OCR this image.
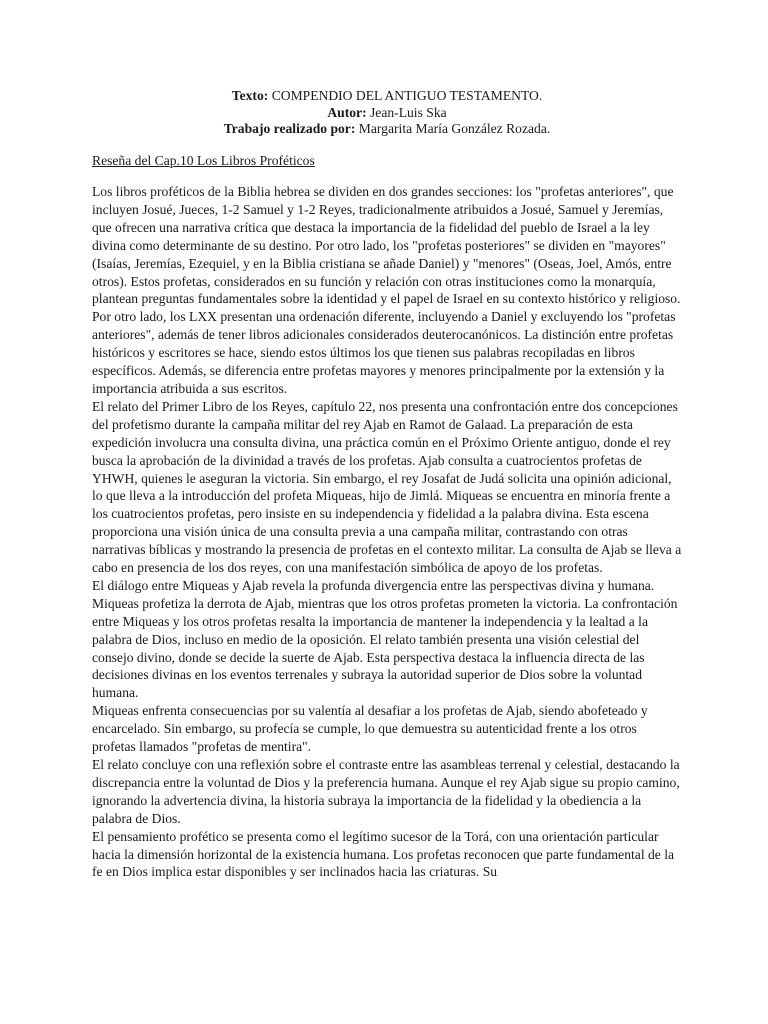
Texto: COMPENDIO DEL ANTIGUO TESTAMENTO.
Autor: Jean-Luis Ska
Trabajo realizado por: Margarita María González Rozada.
Reseña del Cap.10 Los Libros Proféticos

Los libros proféticos de la Biblia hebrea se dividen en dos grandes secciones: los "profetas anteriores", que incluyen Josué, Jueces, 1-2 Samuel y 1-2 Reyes, tradicionalmente atribuidos a Josué, Samuel y Jeremías, que ofrecen una narrativa crítica que destaca la importancia de la fidelidad del pueblo de Israel a la ley divina como determinante de su destino. Por otro lado, los "profetas posteriores" se dividen en "mayores" (Isaías, Jeremías, Ezequiel, y en la Biblia cristiana se añade Daniel) y "menores" (Oseas, Joel, Amós, entre otros). Estos profetas, considerados en su función y relación con otras instituciones como la monarquía, plantean preguntas fundamentales sobre la identidad y el papel de Israel en su contexto histórico y religioso.

Por otro lado, los LXX presentan una ordenación diferente, incluyendo a Daniel y excluyendo los "profetas anteriores", además de tener libros adicionales considerados deuterocanónicos. La distinción entre profetas históricos y escritores se hace, siendo estos últimos los que tienen sus palabras recopiladas en libros específicos. Además, se diferencia entre profetas mayores y menores principalmente por la extensión y la importancia atribuida a sus escritos.

El relato del Primer Libro de los Reyes, capítulo 22, nos presenta una confrontación entre dos concepciones del profetismo durante la campaña militar del rey Ajab en Ramot de Galaad. La preparación de esta expedición involucra una consulta divina, una práctica común en el Próximo Oriente antiguo, donde el rey busca la aprobación de la divinidad a través de los profetas. Ajab consulta a cuatrocientos profetas de YHWH, quienes le aseguran la victoria. Sin embargo, el rey Josafat de Judá solicita una opinión adicional, lo que lleva a la introducción del profeta Miqueas, hijo de Jimlá. Miqueas se encuentra en minoría frente a los cuatrocientos profetas, pero insiste en su independencia y fidelidad a la palabra divina. Esta escena proporciona una visión única de una consulta previa a una campaña militar, contrastando con otras narrativas bíblicas y mostrando la presencia de profetas en el contexto militar. La consulta de Ajab se lleva a cabo en presencia de los dos reyes, con una manifestación simbólica de apoyo de los profetas.

El diálogo entre Miqueas y Ajab revela la profunda divergencia entre las perspectivas divina y humana. Miqueas profetiza la derrota de Ajab, mientras que los otros profetas prometen la victoria. La confrontación entre Miqueas y los otros profetas resalta la importancia de mantener la independencia y la lealtad a la palabra de Dios, incluso en medio de la oposición. El relato también presenta una visión celestial del consejo divino, donde se decide la suerte de Ajab. Esta perspectiva destaca la influencia directa de las decisiones divinas en los eventos terrenales y subraya la autoridad superior de Dios sobre la voluntad humana.

Miqueas enfrenta consecuencias por su valentía al desafiar a los profetas de Ajab, siendo abofeteado y encarcelado. Sin embargo, su profecía se cumple, lo que demuestra su autenticidad frente a los otros profetas llamados "profetas de mentira".

El relato concluye con una reflexión sobre el contraste entre las asambleas terrenal y celestial, destacando la discrepancia entre la voluntad de Dios y la preferencia humana. Aunque el rey Ajab sigue su propio camino, ignorando la advertencia divina, la historia subraya la importancia de la fidelidad y la obediencia a la palabra de Dios.

El pensamiento profético se presenta como el legítimo sucesor de la Torá, con una orientación particular hacia la dimensión horizontal de la existencia humana. Los profetas reconocen que parte fundamental de la fe en Dios implica estar disponibles y ser inclinados hacia las criaturas. Su
